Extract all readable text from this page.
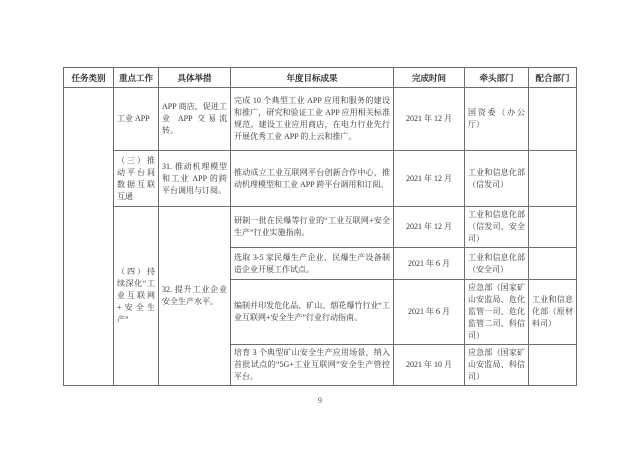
任务类别	重点工作	具体举措	年度目标成果	完成时间	牵头部门	配合部门
	工业 APP	APP 商店，促进工业 APP 交易流转。	完成 10 个典型工业 APP 应用和服务的建设和推广，研究和验证工业 APP 应用相关标准规范。建设工业应用商店，在电力行业先行开展优秀工业 APP 的上云和推广。	2021 年 12 月	国资委（办公厅）	
	（三）推动平台间数据互联互通	31. 推动机理模型和工业 APP 的跨平台调用与订阅。	推动成立工业互联网平台创新合作中心，推动机理模型和工业 APP 跨平台调用和订阅。	2021 年 12 月	工业和信息化部（信发司）	
	（四）持续深化“工业互联网+安全生产”	32. 提升工业企业安全生产水平。	研制一批在民爆等行业的“工业互联网+安全生产”行业实施指南。	2021 年 12 月	工业和信息化部（信发司、安全司）	
			选取 3-5 家民爆生产企业、民爆生产设备制造企业开展工作试点。	2021 年 6 月	工业和信息化部（安全司）	
			编制并印发危化品、矿山、烟花爆竹行业“工业互联网+安全生产”行业行动指南。	2021 年 6 月	应急部（国家矿山安监局、危化监管一司、危化监管二司、科信司）	工业和信息化部（原材料司）
			培育 3 个典型矿山安全生产应用场景，纳入首批试点的“5G+工业互联网”安全生产管控平台。	2021 年 10 月	应急部（国家矿山安监局、科信司）	
9
